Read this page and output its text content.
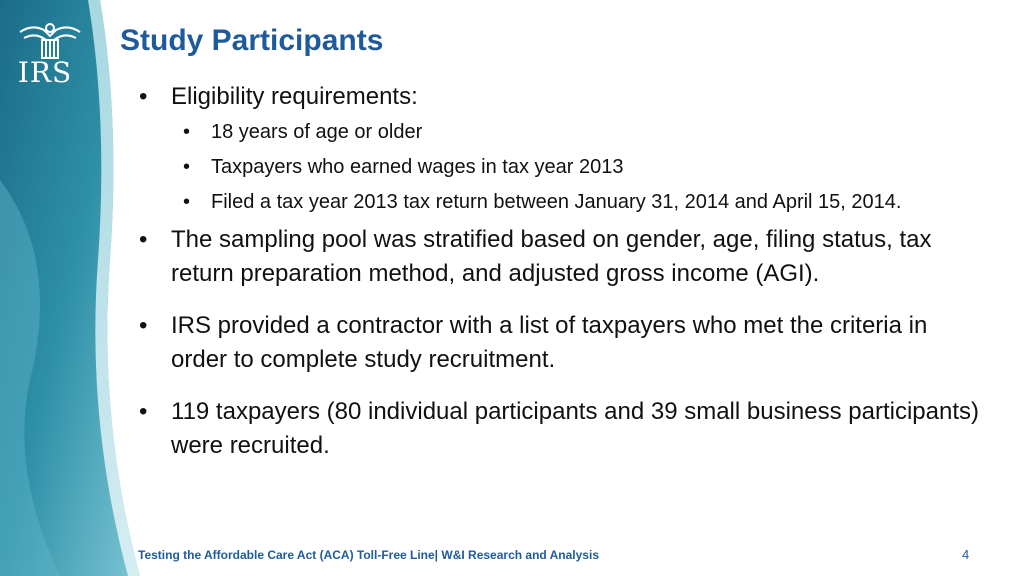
IRS
Study Participants
• Eligibility requirements:
• 18 years of age or older
• Taxpayers who earned wages in tax year 2013
• Filed a tax year 2013 tax return between January 31, 2014 and April 15, 2014.
• The sampling pool was stratified based on gender, age, filing status, tax return preparation method, and adjusted gross income (AGI).
• IRS provided a contractor with a list of taxpayers who met the criteria in order to complete study recruitment.
• 119 taxpayers (80 individual participants and 39 small business participants) were recruited.
Testing the Affordable Care Act (ACA) Toll-Free Line| W&I Research and Analysis	4
